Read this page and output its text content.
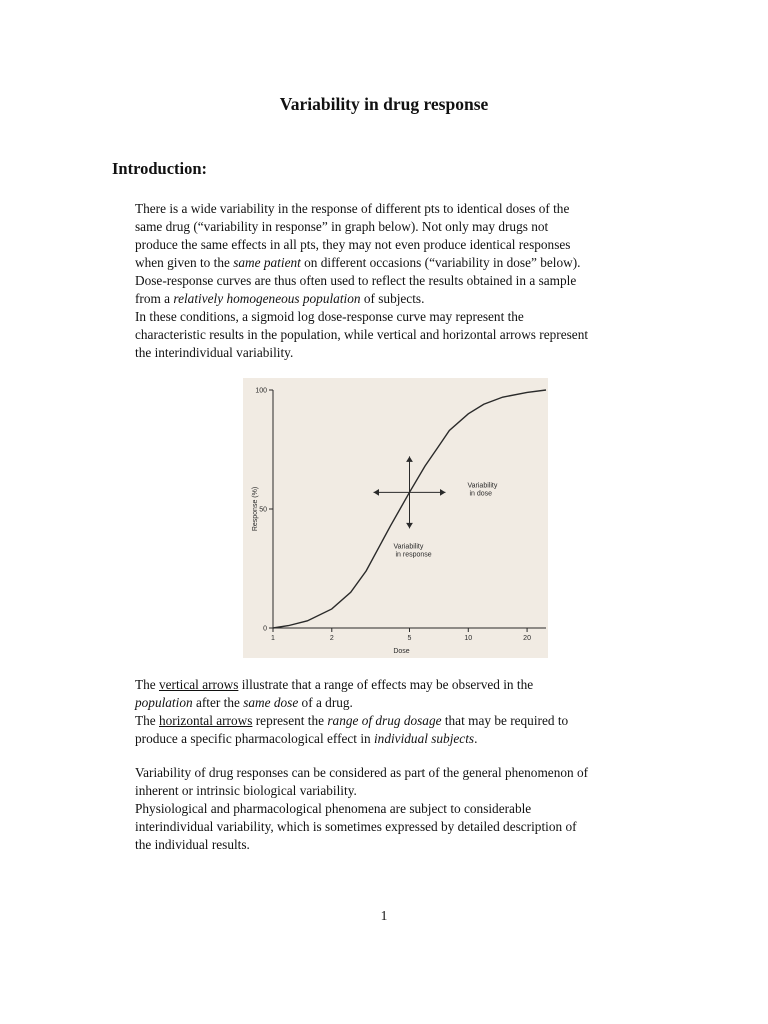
Variability in drug response
Introduction:
There is a wide variability in the response of different pts to identical doses of the
same drug (“variability in response” in graph below). Not only may drugs not
produce the same effects in all pts, they may not even produce identical responses
when given to the same patient on different occasions (“variability in dose” below).
Dose-response curves are thus often used to reflect the results obtained in a sample
from a relatively homogeneous population of subjects.
In these conditions, a sigmoid log dose-response curve may represent the
characteristic results in the population, while vertical and horizontal arrows represent
the interindividual variability.
0
50
100
1	2	5	10	20
Response (%)
Dose
Variability in dose
Variability in response
The vertical arrows illustrate that a range of effects may be observed in the
population after the same dose of a drug.
The horizontal arrows represent the range of drug dosage that may be required to
produce a specific pharmacological effect in individual subjects.
Variability of drug responses can be considered as part of the general phenomenon of
inherent or intrinsic biological variability.
Physiological and pharmacological phenomena are subject to considerable
interindividual variability, which is sometimes expressed by detailed description of
the individual results.
1
